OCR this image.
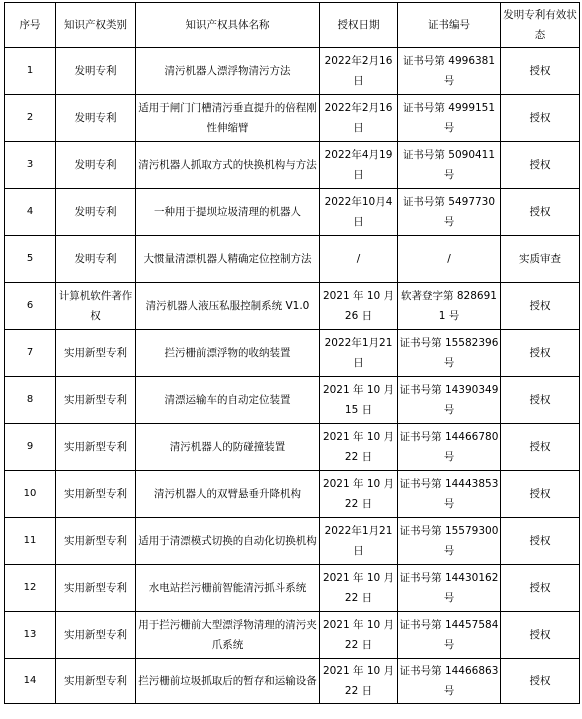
序号	知识产权类别	知识产权具体名称	授权日期	证书编号	发明专利有效状态
1	发明专利	清污机器人漂浮物清污方法	2022年2月16日	证书号第 4996381号	授权
2	发明专利	适用于闸门门槽清污垂直提升的倍程刚性伸缩臂	2022年2月16日	证书号第 4999151号	授权
3	发明专利	清污机器人抓取方式的快换机构与方法	2022年4月19日	证书号第 5090411号	授权
4	发明专利	一种用于提坝垃圾清理的机器人	2022年10月4日	证书号第 5497730号	授权
5	发明专利	大惯量清漂机器人精确定位控制方法	/	/	实质审查
6	计算机软件著作权	清污机器人液压私服控制系统 V1.0	2021 年 10 月 26 日	软著登字第 8286911 号	授权
7	实用新型专利	拦污栅前漂浮物的收纳装置	2022年1月21日	证书号第 15582396号	授权
8	实用新型专利	清漂运输车的自动定位装置	2021 年 10 月 15 日	证书号第 14390349号	授权
9	实用新型专利	清污机器人的防碰撞装置	2021 年 10 月 22 日	证书号第 14466780号	授权
10	实用新型专利	清污机器人的双臂悬垂升降机构	2021 年 10 月 22 日	证书号第 14443853号	授权
11	实用新型专利	适用于清漂模式切换的自动化切换机构	2022年1月21日	证书号第 15579300号	授权
12	实用新型专利	水电站拦污栅前智能清污抓斗系统	2021 年 10 月 22 日	证书号第 14430162号	授权
13	实用新型专利	用于拦污栅前大型漂浮物清理的清污夹爪系统	2021 年 10 月 22 日	证书号第 14457584号	授权
14	实用新型专利	拦污栅前垃圾抓取后的暂存和运输设备	2021 年 10 月 22 日	证书号第 14466863号	授权
